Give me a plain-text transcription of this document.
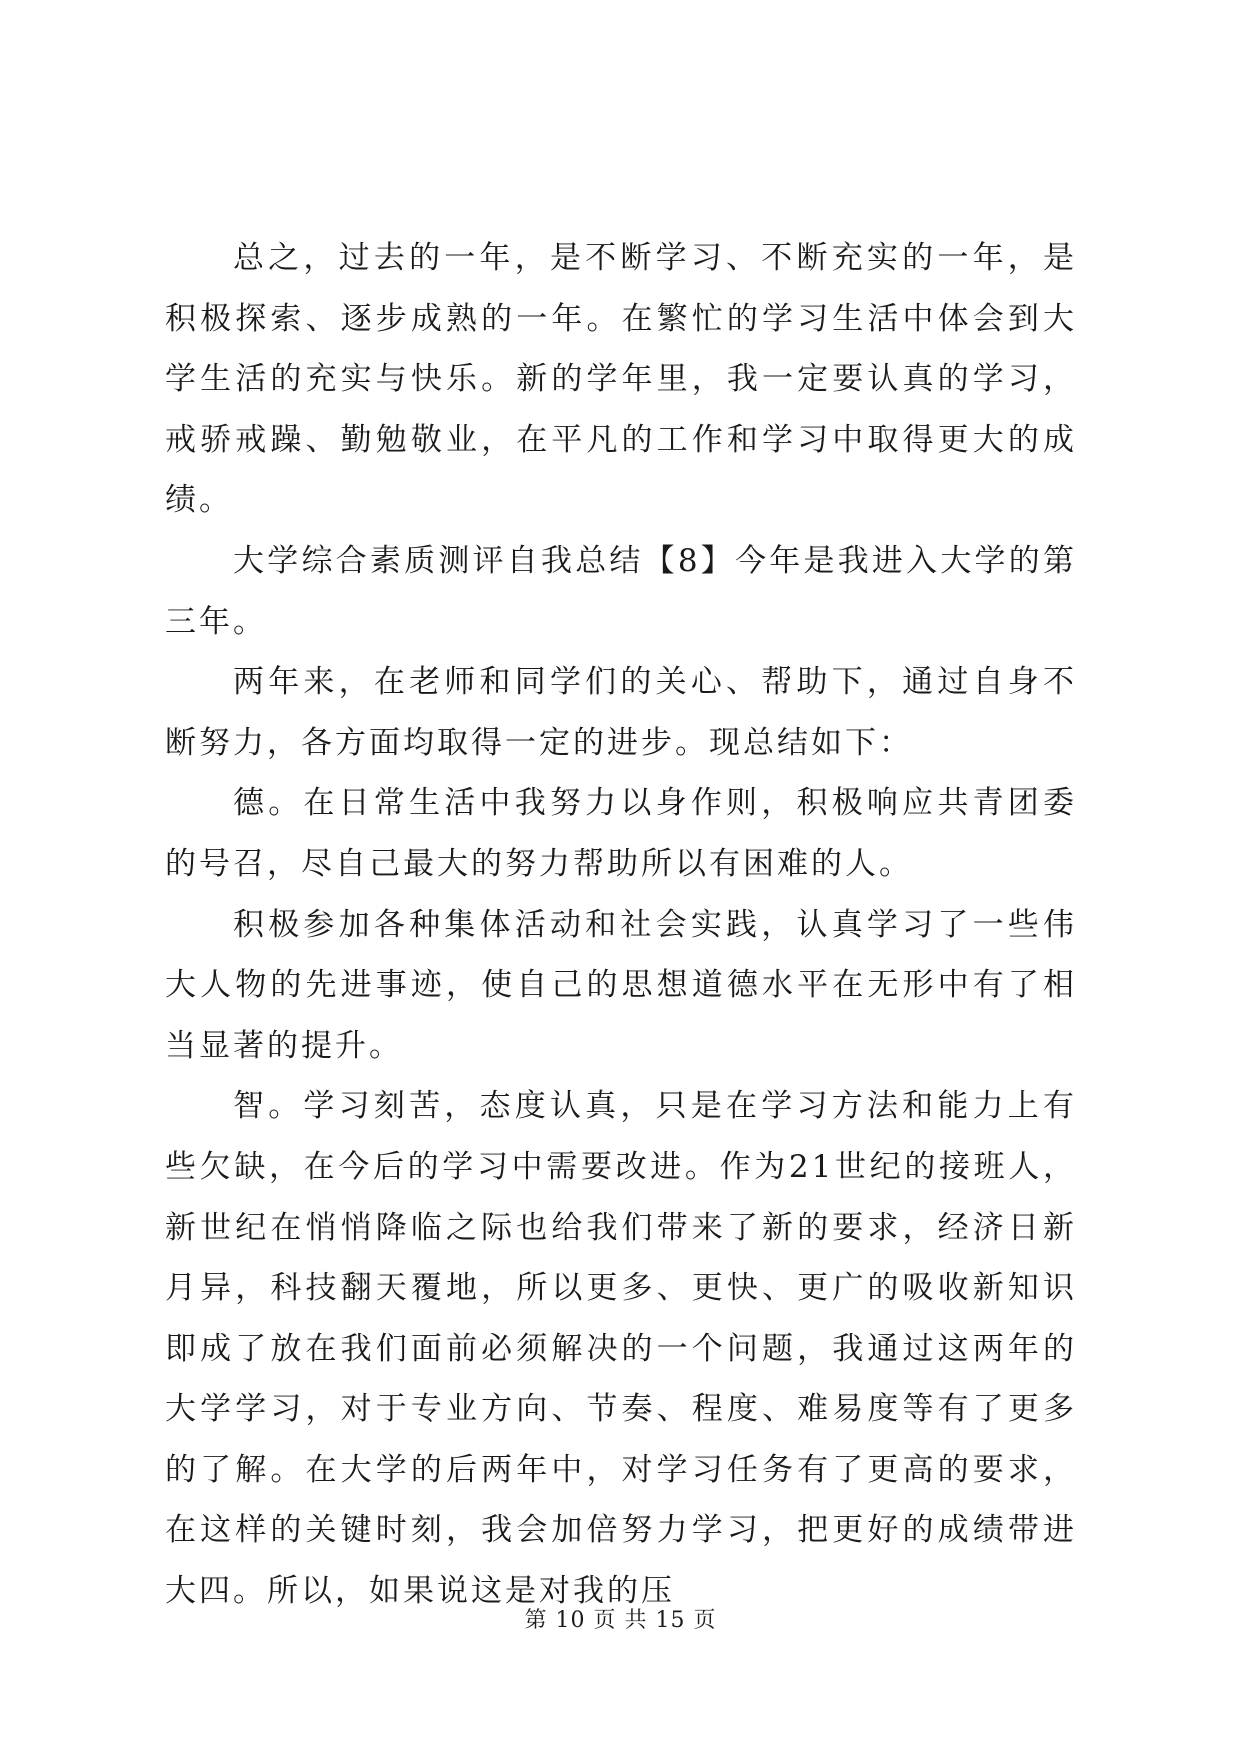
总之，过去的一年，是不断学习、不断充实的一年，是积极探索、逐步成熟的一年。在繁忙的学习生活中体会到大学生活的充实与快乐。新的学年里，我一定要认真的学习，戒骄戒躁、勤勉敬业，在平凡的工作和学习中取得更大的成绩。

大学综合素质测评自我总结【8】今年是我进入大学的第三年。

两年来，在老师和同学们的关心、帮助下，通过自身不断努力，各方面均取得一定的进步。现总结如下：

德。在日常生活中我努力以身作则，积极响应共青团委的号召，尽自己最大的努力帮助所以有困难的人。

积极参加各种集体活动和社会实践，认真学习了一些伟大人物的先进事迹，使自己的思想道德水平在无形中有了相当显著的提升。

智。学习刻苦，态度认真，只是在学习方法和能力上有些欠缺，在今后的学习中需要改进。作为21世纪的接班人，新世纪在悄悄降临之际也给我们带来了新的要求，经济日新月异，科技翻天覆地，所以更多、更快、更广的吸收新知识即成了放在我们面前必须解决的一个问题，我通过这两年的大学学习，对于专业方向、节奏、程度、难易度等有了更多的了解。在大学的后两年中，对学习任务有了更高的要求，在这样的关键时刻，我会加倍努力学习，把更好的成绩带进大四。所以，如果说这是对我的压

第 10 页 共 15 页
